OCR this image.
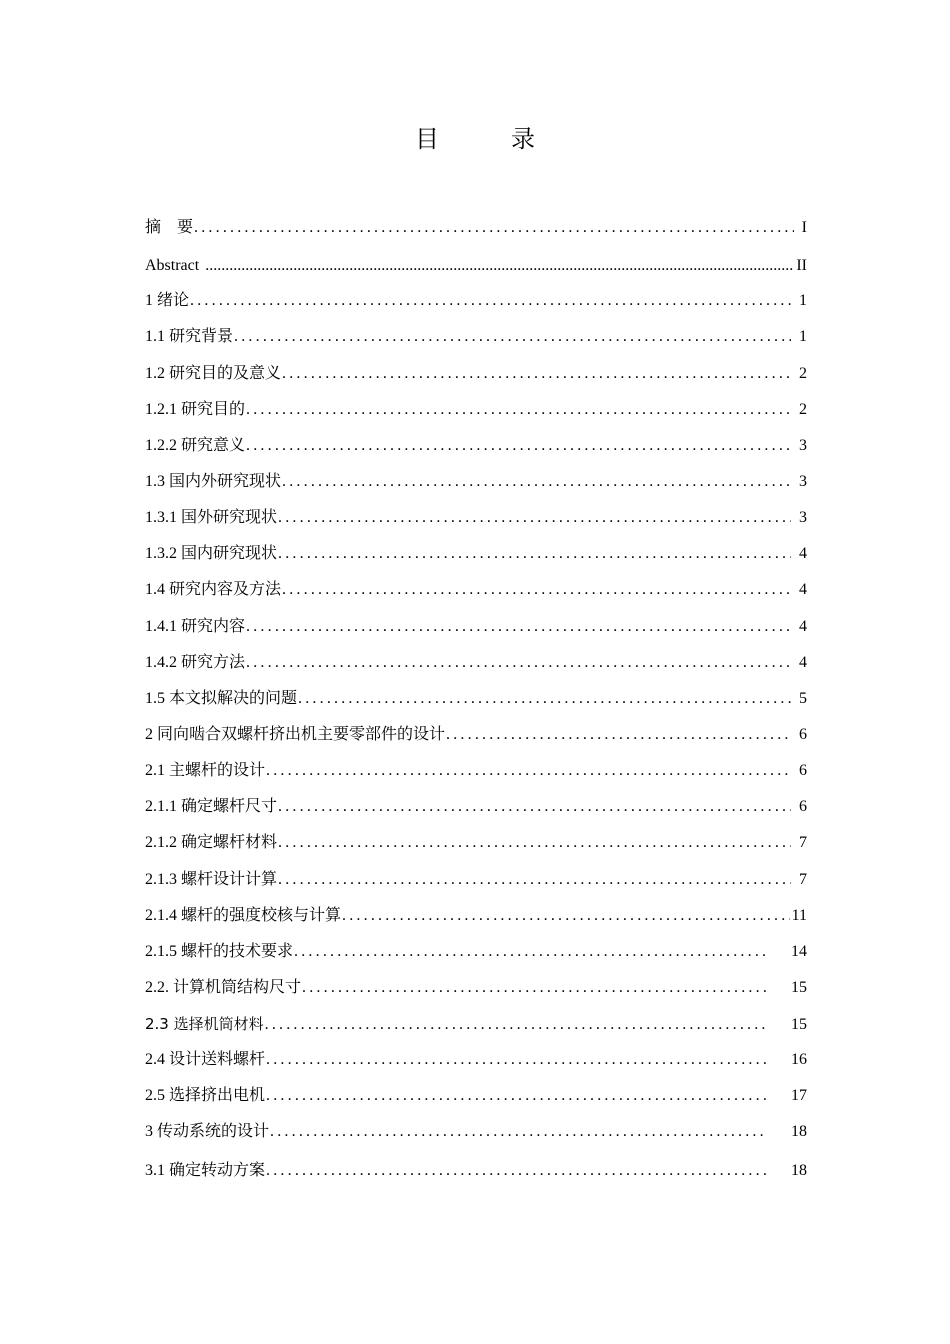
目　录
摘　要 .....	I
Abstract .....	II
1 绪论 .....	1
1.1 研究背景 .....	1
1.2 研究目的及意义 .....	2
1.2.1 研究目的 .....	2
1.2.2 研究意义 .....	3
1.3 国内外研究现状 .....	3
1.3.1 国外研究现状 .....	3
1.3.2 国内研究现状 .....	4
1.4 研究内容及方法 .....	4
1.4.1 研究内容 .....	4
1.4.2 研究方法 .....	4
1.5 本文拟解决的问题 .....	5
2 同向啮合双螺杆挤出机主要零部件的设计 .....	6
2.1 主螺杆的设计 .....	6
2.1.1 确定螺杆尺寸 .....	6
2.1.2 确定螺杆材料 .....	7
2.1.3 螺杆设计计算 .....	7
2.1.4 螺杆的强度校核与计算 .....	11
2.1.5 螺杆的技术要求 .....	14
2.2. 计算机筒结构尺寸 .....	15
2.3 选择机筒材料 .....	15
2.4 设计送料螺杆 .....	16
2.5 选择挤出电机 .....	17
3 传动系统的设计 .....	18
3.1 确定转动方案 .....	18
